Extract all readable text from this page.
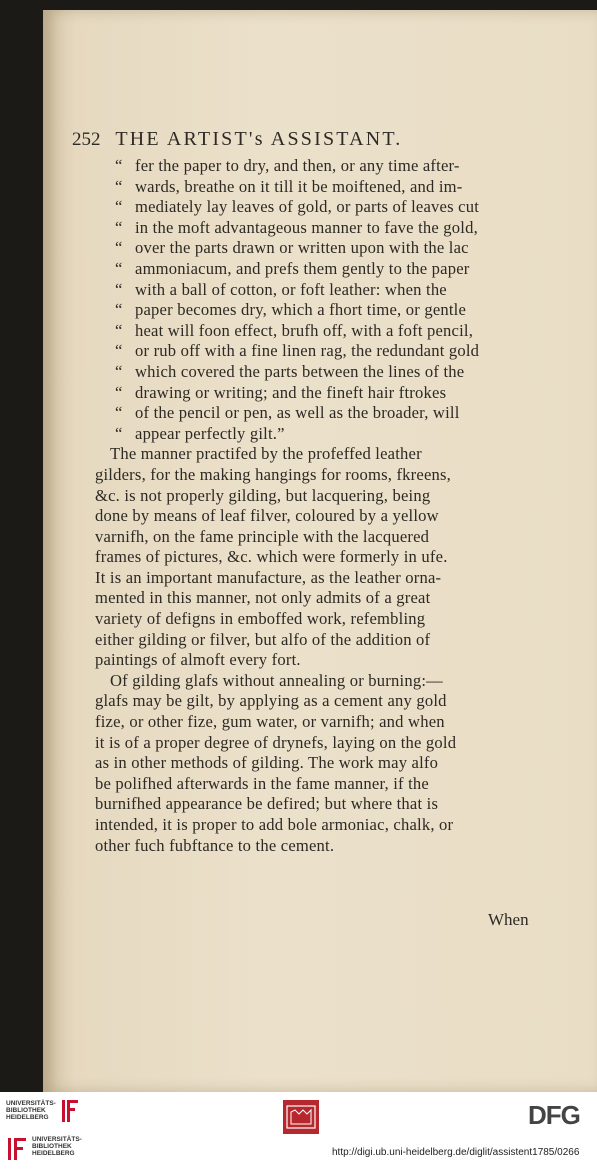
252 THE ARTIST's ASSISTANT.
“ fer the paper to dry, and then, or any time after-
“ wards, breathe on it till it be moiftened, and im-
“ mediately lay leaves of gold, or parts of leaves cut
“ in the moft advantageous manner to fave the gold,
“ over the parts drawn or written upon with the lac
“ ammoniacum, and prefs them gently to the paper
“ with a ball of cotton, or foft leather: when the
“ paper becomes dry, which a fhort time, or gentle
“ heat will foon effect, brufh off, with a foft pencil,
“ or rub off with a fine linen rag, the redundant gold
“ which covered the parts between the lines of the
“ drawing or writing; and the fineft hair ftrokes
“ of the pencil or pen, as well as the broader, will
“ appear perfectly gilt.”
The manner practifed by the profeffed leather
gilders, for the making hangings for rooms, fkreens,
&c. is not properly gilding, but lacquering, being
done by means of leaf filver, coloured by a yellow
varnifh, on the fame principle with the lacquered
frames of pictures, &c. which were formerly in ufe.
It is an important manufacture, as the leather orna-
mented in this manner, not only admits of a great
variety of defigns in emboffed work, refembling
either gilding or filver, but alfo of the addition of
paintings of almoft every fort.
Of gilding glafs without annealing or burning:—
glafs may be gilt, by applying as a cement any gold
fize, or other fize, gum water, or varnifh; and when
it is of a proper degree of drynefs, laying on the gold
as in other methods of gilding. The work may alfo
be polifhed afterwards in the fame manner, if the
burnifhed appearance be defired; but where that is
intended, it is proper to add bole armoniac, chalk, or
other fuch fubftance to the cement.
When
UNIVERSITÄTS-
BIBLIOTHEK
HEIDELBERG
UNIVERSITÄTS-
BIBLIOTHEK
HEIDELBERG
DFG
http://digi.ub.uni-heidelberg.de/diglit/assistent1785/0266
